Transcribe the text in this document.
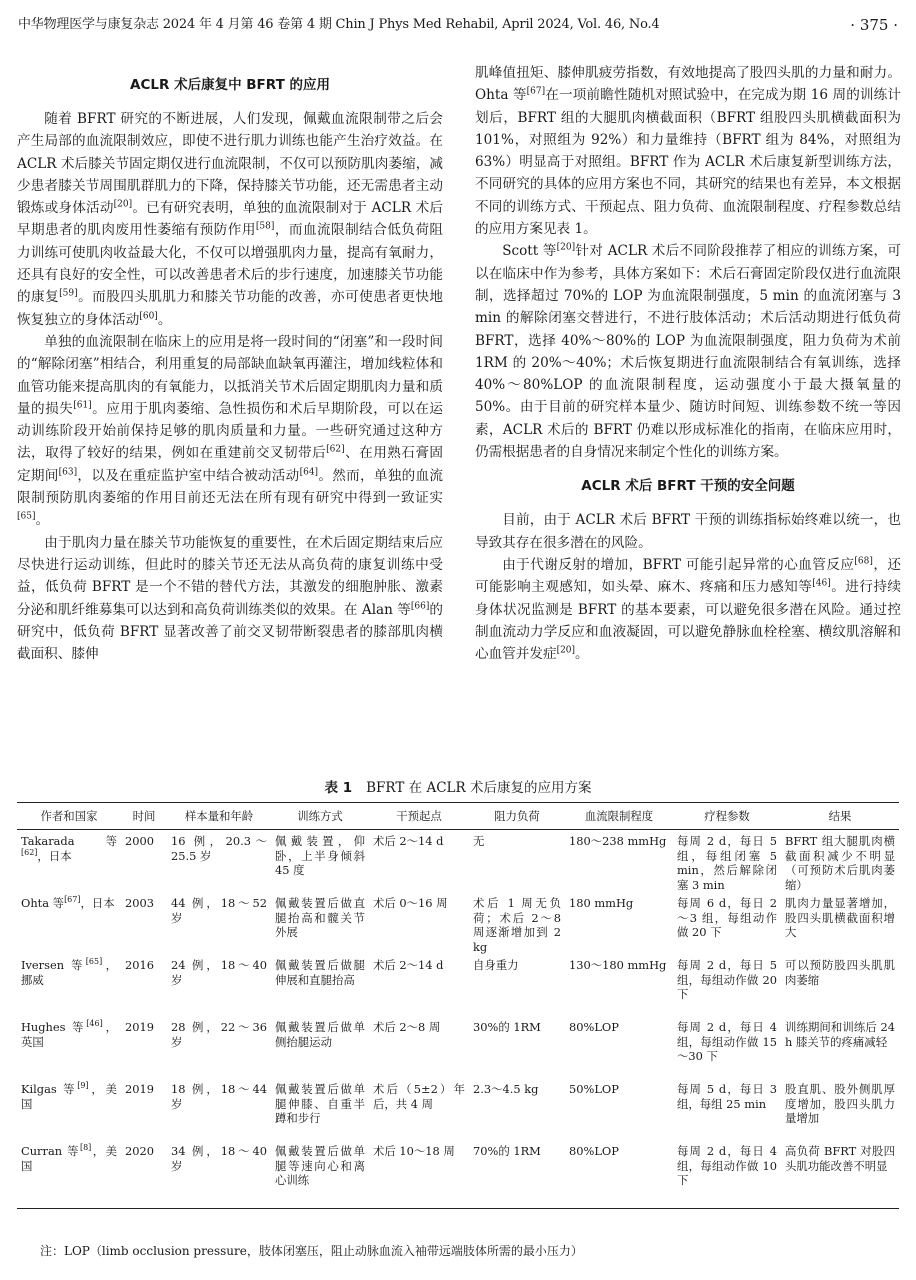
中华物理医学与康复杂志 2024 年 4 月第 46 卷第 4 期 Chin J Phys Med Rehabil, April 2024, Vol. 46, No.4	· 375 ·
ACLR 术后康复中 BFRT 的应用

随着 BFRT 研究的不断进展，人们发现，佩戴血流限制带之后会产生局部的血流限制效应，即使不进行肌力训练也能产生治疗效益。在 ACLR 术后膝关节固定期仅进行血流限制，不仅可以预防肌肉萎缩，减少患者膝关节周围肌群肌力的下降，保持膝关节功能，还无需患者主动锻炼或身体活动[20]。已有研究表明，单独的血流限制对于 ACLR 术后早期患者的肌肉废用性萎缩有预防作用[58]，而血流限制结合低负荷阻力训练可使肌肉收益最大化，不仅可以增强肌肉力量，提高有氧耐力，还具有良好的安全性，可以改善患者术后的步行速度，加速膝关节功能的康复[59]。而股四头肌肌力和膝关节功能的改善，亦可使患者更快地恢复独立的身体活动[60]。

单独的血流限制在临床上的应用是将一段时间的“闭塞”和一段时间的“解除闭塞”相结合，利用重复的局部缺血缺氧再灌注，增加线粒体和血管功能来提高肌肉的有氧能力，以抵消关节术后固定期肌肉力量和质量的损失[61]。应用于肌肉萎缩、急性损伤和术后早期阶段，可以在运动训练阶段开始前保持足够的肌肉质量和力量。一些研究通过这种方法，取得了较好的结果，例如在重建前交叉韧带后[62]、在用熟石膏固定期间[63]，以及在重症监护室中结合被动活动[64]。然而，单独的血流限制预防肌肉萎缩的作用目前还无法在所有现有研究中得到一致证实[65]。

由于肌肉力量在膝关节功能恢复的重要性，在术后固定期结束后应尽快进行运动训练，但此时的膝关节还无法从高负荷的康复训练中受益，低负荷 BFRT 是一个不错的替代方法，其激发的细胞肿胀、激素分泌和肌纤维募集可以达到和高负荷训练类似的效果。在 Alan 等[66]的研究中，低负荷 BFRT 显著改善了前交叉韧带断裂患者的膝部肌肉横截面积、膝伸

肌峰值扭矩、膝伸肌疲劳指数，有效地提高了股四头肌的力量和耐力。Ohta 等[67]在一项前瞻性随机对照试验中，在完成为期 16 周的训练计划后，BFRT 组的大腿肌肉横截面积（BFRT 组股四头肌横截面积为 101%，对照组为 92%）和力量维持（BFRT 组为 84%，对照组为 63%）明显高于对照组。BFRT 作为 ACLR 术后康复新型训练方法，不同研究的具体的应用方案也不同，其研究的结果也有差异，本文根据不同的训练方式、干预起点、阻力负荷、血流限制程度、疗程参数总结的应用方案见表 1。

Scott 等[20]针对 ACLR 术后不同阶段推荐了相应的训练方案，可以在临床中作为参考，具体方案如下：术后石膏固定阶段仅进行血流限制，选择超过 70%的 LOP 为血流限制强度，5 min 的血流闭塞与 3 min 的解除闭塞交替进行，不进行肢体活动；术后活动期进行低负荷 BFRT，选择 40%～80%的 LOP 为血流限制强度，阻力负荷为术前 1RM 的 20%～40%；术后恢复期进行血流限制结合有氧训练，选择 40%～80%LOP 的血流限制程度，运动强度小于最大摄氧量的 50%。由于目前的研究样本量少、随访时间短、训练参数不统一等因素，ACLR 术后的 BFRT 仍难以形成标准化的指南，在临床应用时，仍需根据患者的自身情况来制定个性化的训练方案。

ACLR 术后 BFRT 干预的安全问题

目前，由于 ACLR 术后 BFRT 干预的训练指标始终难以统一，也导致其存在很多潜在的风险。

由于代谢反射的增加，BFRT 可能引起异常的心血管反应[68]，还可能影响主观感知，如头晕、麻木、疼痛和压力感知等[46]。进行持续身体状况监测是 BFRT 的基本要素，可以避免很多潜在风险。通过控制血流动力学反应和血液凝固，可以避免静脉血栓栓塞、横纹肌溶解和心血管并发症[20]。

表 1 BFRT 在 ACLR 术后康复的应用方案
作者和国家	时间	样本量和年龄	训练方式	干预起点	阻力负荷	血流限制程度	疗程参数	结果
Takarada 等[62]，日本	2000	16 例，20.3～25.5 岁	佩戴装置，仰卧，上半身倾斜 45 度	术后 2～14 d	无	180～238 mmHg	每周 2 d，每日 5 组，每组闭塞 5 min，然后解除闭塞 3 min	BFRT 组大腿肌肉横截面积减少不明显（可预防术后肌肉萎缩）
Ohta 等[67]，日本	2003	44 例，18～52 岁	佩戴装置后做直腿抬高和髋关节外展	术后 0～16 周	术后 1 周无负荷；术后 2～8 周逐渐增加到 2 kg	180 mmHg	每周 6 d，每日 2～3 组，每组动作做 20 下	肌肉力量显著增加，股四头肌横截面积增大
Iversen 等[65]，挪威	2016	24 例，18～40 岁	佩戴装置后做腿伸展和直腿抬高	术后 2～14 d	自身重力	130～180 mmHg	每周 2 d，每日 5 组，每组动作做 20 下	可以预防股四头肌肌肉萎缩
Hughes 等[46]，英国	2019	28 例，22～36 岁	佩戴装置后做单侧抬腿运动	术后 2～8 周	30%的 1RM	80%LOP	每周 2 d，每日 4 组，每组动作做 15～30 下	训练期间和训练后 24 h 膝关节的疼痛减轻
Kilgas 等[9]，美国	2019	18 例，18～44 岁	佩戴装置后做单腿伸膝、自重半蹲和步行	术后（5±2）年后，共 4 周	2.3～4.5 kg	50%LOP	每周 5 d，每日 3 组，每组 25 min	股直肌、股外侧肌厚度增加，股四头肌力量增加
Curran 等[8]，美国	2020	34 例，18～40 岁	佩戴装置后做单腿等速向心和离心训练	术后 10～18 周	70%的 1RM	80%LOP	每周 2 d，每日 4 组，每组动作做 10 下	高负荷 BFRT 对股四头肌功能改善不明显
注：LOP（limb occlusion pressure，肢体闭塞压，阻止动脉血流入袖带远端肢体所需的最小压力）
